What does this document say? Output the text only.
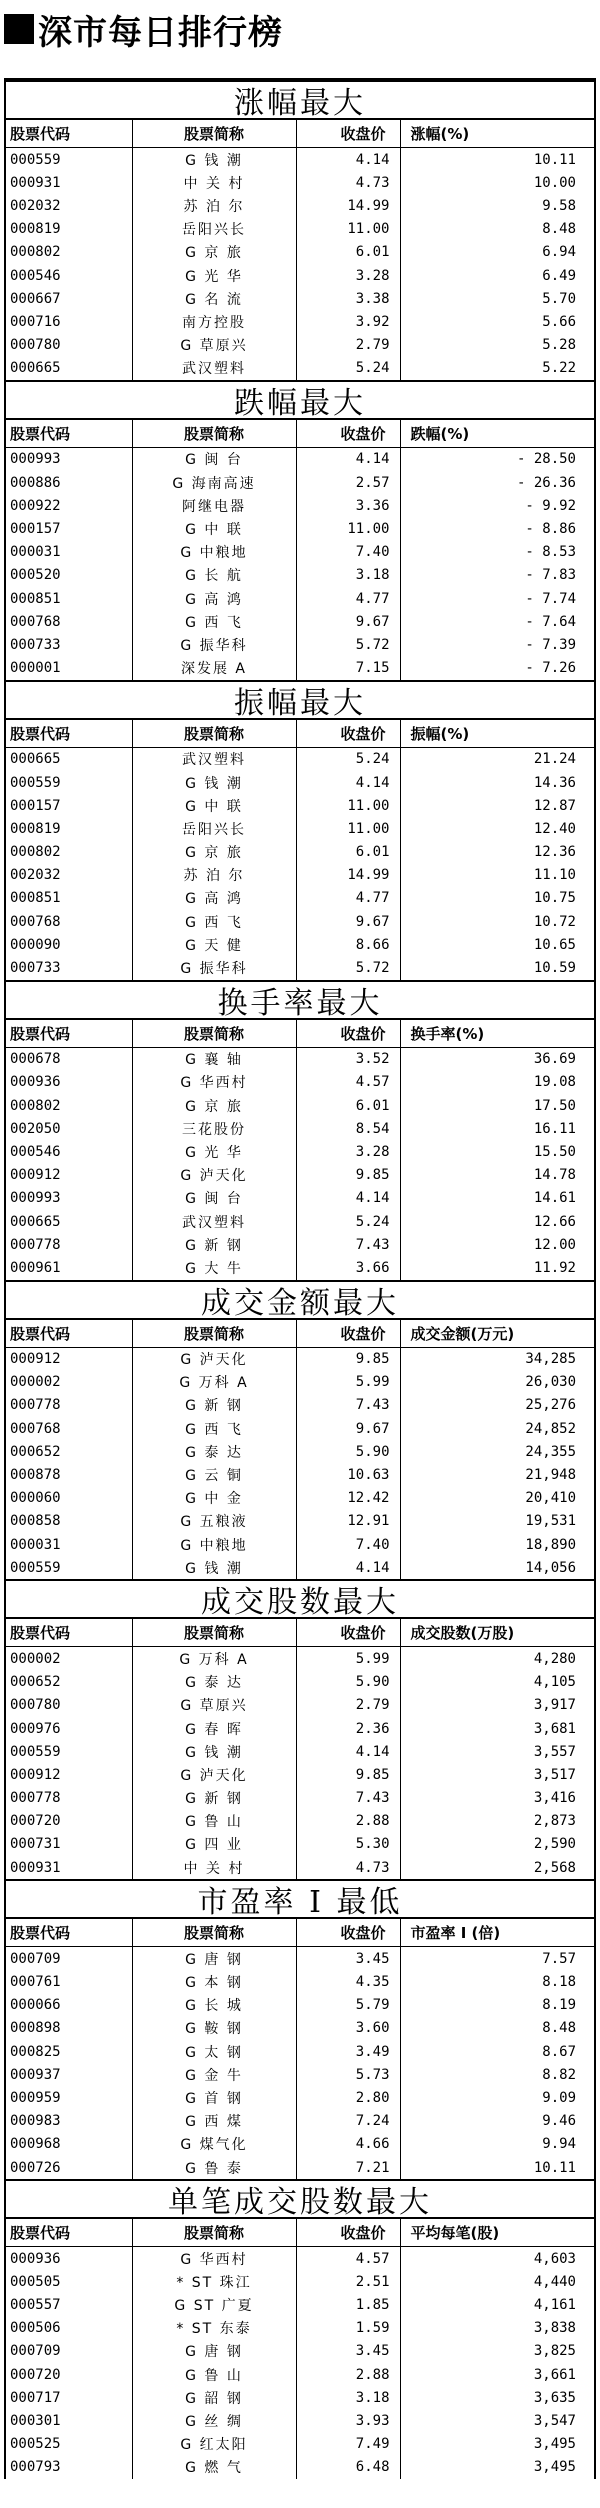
深市每日排行榜
涨幅最大
股票代码	股票简称	收盘价	涨幅(%)
000559	G 钱 潮	4.14	10.11
000931	中 关 村	4.73	10.00
002032	苏 泊 尔	14.99	9.58
000819	岳阳兴长	11.00	8.48
000802	G 京 旅	6.01	6.94
000546	G 光 华	3.28	6.49
000667	G 名 流	3.38	5.70
000716	南方控股	3.92	5.66
000780	G 草原兴	2.79	5.28
000665	武汉塑料	5.24	5.22
跌幅最大
股票代码	股票简称	收盘价	跌幅(%)
000993	G 闽 台	4.14	- 28.50
000886	G 海南高速	2.57	- 26.36
000922	阿继电器	3.36	- 9.92
000157	G 中 联	11.00	- 8.86
000031	G 中粮地	7.40	- 8.53
000520	G 长 航	3.18	- 7.83
000851	G 高 鸿	4.77	- 7.74
000768	G 西 飞	9.67	- 7.64
000733	G 振华科	5.72	- 7.39
000001	深发展 A	7.15	- 7.26
振幅最大
股票代码	股票简称	收盘价	振幅(%)
000665	武汉塑料	5.24	21.24
000559	G 钱 潮	4.14	14.36
000157	G 中 联	11.00	12.87
000819	岳阳兴长	11.00	12.40
000802	G 京 旅	6.01	12.36
002032	苏 泊 尔	14.99	11.10
000851	G 高 鸿	4.77	10.75
000768	G 西 飞	9.67	10.72
000090	G 天 健	8.66	10.65
000733	G 振华科	5.72	10.59
换手率最大
股票代码	股票简称	收盘价	换手率(%)
000678	G 襄 轴	3.52	36.69
000936	G 华西村	4.57	19.08
000802	G 京 旅	6.01	17.50
002050	三花股份	8.54	16.11
000546	G 光 华	3.28	15.50
000912	G 泸天化	9.85	14.78
000993	G 闽 台	4.14	14.61
000665	武汉塑料	5.24	12.66
000778	G 新 钢	7.43	12.00
000961	G 大 牛	3.66	11.92
成交金额最大
股票代码	股票简称	收盘价	成交金额(万元)
000912	G 泸天化	9.85	34,285
000002	G 万科 A	5.99	26,030
000778	G 新 钢	7.43	25,276
000768	G 西 飞	9.67	24,852
000652	G 泰 达	5.90	24,355
000878	G 云 铜	10.63	21,948
000060	G 中 金	12.42	20,410
000858	G 五粮液	12.91	19,531
000031	G 中粮地	7.40	18,890
000559	G 钱 潮	4.14	14,056
成交股数最大
股票代码	股票简称	收盘价	成交股数(万股)
000002	G 万科 A	5.99	4,280
000652	G 泰 达	5.90	4,105
000780	G 草原兴	2.79	3,917
000976	G 春 晖	2.36	3,681
000559	G 钱 潮	4.14	3,557
000912	G 泸天化	9.85	3,517
000778	G 新 钢	7.43	3,416
000720	G 鲁 山	2.88	2,873
000731	G 四 业	5.30	2,590
000931	中 关 村	4.73	2,568
市盈率 I 最低
股票代码	股票简称	收盘价	市盈率 I (倍)
000709	G 唐 钢	3.45	7.57
000761	G 本 钢	4.35	8.18
000066	G 长 城	5.79	8.19
000898	G 鞍 钢	3.60	8.48
000825	G 太 钢	3.49	8.67
000937	G 金 牛	5.73	8.82
000959	G 首 钢	2.80	9.09
000983	G 西 煤	7.24	9.46
000968	G 煤气化	4.66	9.94
000726	G 鲁 泰	7.21	10.11
单笔成交股数最大
股票代码	股票简称	收盘价	平均每笔(股)
000936	G 华西村	4.57	4,603
000505	* ST 珠江	2.51	4,440
000557	G ST 广夏	1.85	4,161
000506	* ST 东泰	1.59	3,838
000709	G 唐 钢	3.45	3,825
000720	G 鲁 山	2.88	3,661
000717	G 韶 钢	3.18	3,635
000301	G 丝 绸	3.93	3,547
000525	G 红太阳	7.49	3,495
000793	G 燃 气	6.48	3,495
